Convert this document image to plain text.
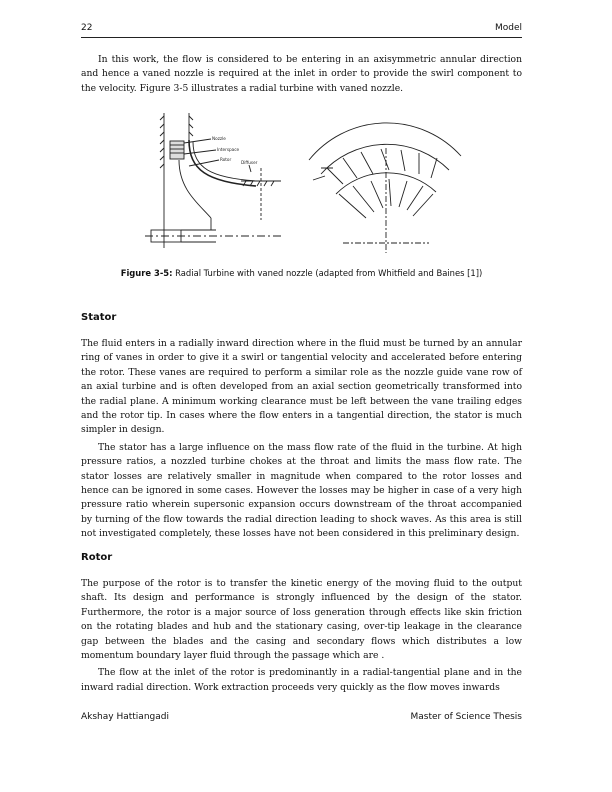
22	Model

In this work, the flow is considered to be entering in an axisymmetric annular direction and hence a vaned nozzle is required at the inlet in order to provide the swirl component to the velocity. Figure 3-5 illustrates a radial turbine with vaned nozzle.

Nozzle
Interspace
Rotor
Diffuser
Figure 3-5: Radial Turbine with vaned nozzle (adapted from Whitfield and Baines [1])
Stator

The fluid enters in a radially inward direction where in the fluid must be turned by an annular ring of vanes in order to give it a swirl or tangential velocity and accelerated before entering the rotor. These vanes are required to perform a similar role as the nozzle guide vane row of an axial turbine and is often developed from an axial section geometrically transformed into the radial plane. A minimum working clearance must be left between the vane trailing edges and the rotor tip. In cases where the flow enters in a tangential direction, the stator is much simpler in design.

The stator has a large influence on the mass flow rate of the fluid in the turbine. At high pressure ratios, a nozzled turbine chokes at the throat and limits the mass flow rate. The stator losses are relatively smaller in magnitude when compared to the rotor losses and hence can be ignored in some cases. However the losses may be higher in case of a very high pressure ratio wherein supersonic expansion occurs downstream of the throat accompanied by turning of the flow towards the radial direction leading to shock waves. As this area is still not investigated completely, these losses have not been considered in this preliminary design.

Rotor

The purpose of the rotor is to transfer the kinetic energy of the moving fluid to the output shaft. Its design and performance is strongly influenced by the design of the stator. Furthermore, the rotor is a major source of loss generation through effects like skin friction on the rotating blades and hub and the stationary casing, over-tip leakage in the clearance gap between the blades and the casing and secondary flows which distributes a low momentum boundary layer fluid through the passage which are .

The flow at the inlet of the rotor is predominantly in a radial-tangential plane and in the inward radial direction. Work extraction proceeds very quickly as the flow moves inwards

Akshay Hattiangadi	Master of Science Thesis
